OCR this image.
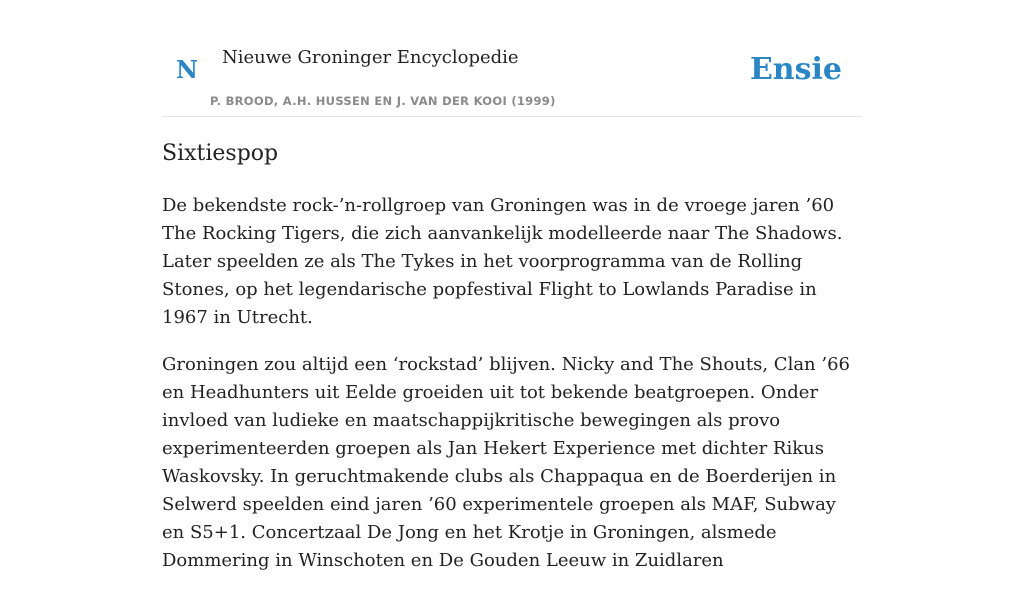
N Nieuwe Groninger Encyclopedie
P. BROOD, A.H. HUSSEN EN J. VAN DER KOOI (1999)
Ensie
Sixtiespop

De bekendste rock-’n-rollgroep van Groningen was in de vroege jaren ’60 The Rocking Tigers, die zich aanvankelijk modelleerde naar The Shadows. Later speelden ze als The Tykes in het voorprogramma van de Rolling Stones, op het legendarische popfestival Flight to Lowlands Paradise in 1967 in Utrecht.

Groningen zou altijd een ‘rockstad’ blijven. Nicky and The Shouts, Clan ’66 en Headhunters uit Eelde groeiden uit tot bekende beatgroepen. Onder invloed van ludieke en maatschappijkritische bewegingen als provo experimenteerden groepen als Jan Hekert Experience met dichter Rikus Waskovsky. In geruchtmakende clubs als Chappaqua en de Boerderijen in Selwerd speelden eind jaren ’60 experimentele groepen als MAF, Subway en S5+1. Concertzaal De Jong en het Krotje in Groningen, alsmede Dommering in Winschoten en De Gouden Leeuw in Zuidlaren
